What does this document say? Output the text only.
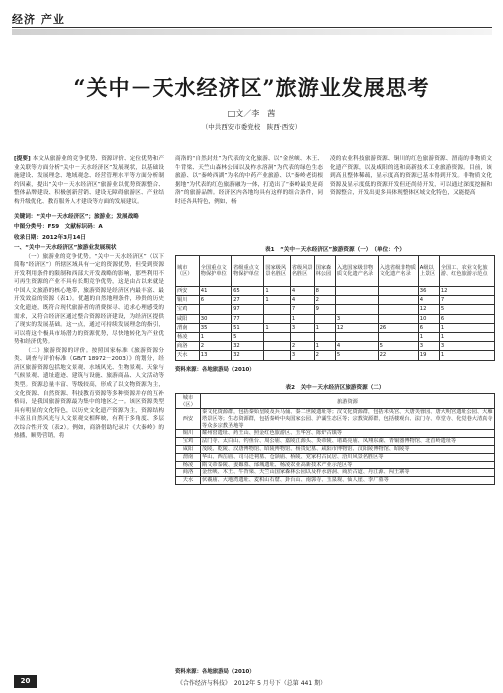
经济 产业
“关中－天水经济区”旅游业发展思考
□文／李　茜
（中共西安市委党校　陕西·西安）
[提要] 本文从旅游业的竞争优势、资源评价、定位优势和产业关联等方面分析“关中－天水经济区”发展现状，以基础设施建设、发展理念、地域观念、经营管理水平等方面分析制约因素，提出“关中－天水经济区”旅游业以优势资源整合、整体品牌建设、积极创新营销、建设无障碍旅游区、产业结构升级优化、教育服务人才建设等方面的发展建议。
关键词：“关中－天水经济区”；旅游业；发展战略
中图分类号：F59　文献标识码：A
收录日期：2012年3月14日

一、“关中－天水经济区”旅游业发展现状

（一）旅游业的竞争优势。“关中－天水经济区”（以下简称“经济区”）所辖区域具有一定的资源优势，但受到资源开发利用条件的限制和西部大开发战略的影响，那些利用不可再生资源的产业不具有长期竞争优势，这是由占以来就是中国人文旅游的核心地带，旅游资源是经济区内最丰富、最开发效益的资源（表1）。优越的自然地理条件，珍贵的历史文化遗迹，既符合现代旅游者的消费探寻、追求心理感受的需求，又符合经济区通过整合资源经济建设，为经济区提供了现实的发展基础。这一点，通过可持续发展理念的指引，可以将这个极具市场潜力的资源优势，尽快地转化为产业优势和经济优势。

（二）旅游资源的评价。按照国家标准《旅游资源分类、调查与评价标准（GB/T 18972－2003）》的划分，经济区旅游资源包括地文景观、水域风光、生物景观、天象与气候景观、遗址遗迹、建筑与设施、旅游商品、人文活动等类型。资源总量丰富、等级较高，形成了以文物资源为主，文化资源、自然资源、科技教育资源等多种资源并存的互补格局，是我国旅游资源最为集中的地区之一。该区资源类型具有明显的文化特色，以历史文化遗产资源为主，资源结构丰富且自然风光与人文景观交相辉映，有利于多角度、多层次综合性开发（表2）。例如，商洛借助纪录片《大秦岭》的热播，顺势营销，将

商洛的“自然封灶”为代表的文化旅游、以“金丝峡、木王、牛背梁、天竺山森林公园以及柞水溶洞”为代表的绿色生态旅游、以“秦岭西湖”为名的中药产业旅游、以“秦岭老街根据地”为代表的红色旅游融为一体，打造出了“秦岭最美是商洛”的旅游品牌。经济区内各地均具有这样的组合条件，同时还各具特色，例如，杨

凌的农业科技旅游资源、铜川的红色旅游资源、渭南的非物质文化遗产资源，以及咸阳的选和高新技术工业旅游资源。目前，该到高且整体稀疏，显示度高的资源已基本得到开发。非物质文化资源及显示度低的资源开发但还尚待开发，可以通过深度挖掘和资源整合，开发出更多具体现整体区域文化特色，又能提高

表1　“关中－天水经济区”旅游资源（一）　（单位：个）
城市（区）	全国重点文物保护单位	省级重点文物保护单位	国家级风景名胜区	省级风景名胜区	国家森林公园	入选国家级非物质文化遗产名录	入选省级非物质文化遗产名录	A级以上景区	全国工、农业文化旅游、红色旅游示范点
西安	41	65	1	4	8			36	12
铜川	6	27	1	4	2			4	7
宝鸡		97		7	9			12	5
咸阳	30	77		1		3		10	6
渭南	35	51	1	3	1	12	26	6	1
杨凌	1	5						1	1
商洛	2	32		2	1	4	5	3	3
天水	13	32		3	2	5	22	19	1
资料来源：各地旅游局（2010）
表2　关中－天水经济区旅游资源（二）
城市（区）	旅游资源
西安	秦文化资源群，包括秦始皇陵及兵马俑、秦二世陵遗址等；汉文化资源群，包括未央宫、大唐芙蓉园、唐大明宫遗址公园、大雁塔景区等；生态资源群，包括秦岭中央国家公园、沪灞生态区等；宗教资源群，包括楼观台、法门寺、草堂寺、化觉巷大清真寺等众多宗教圣地等
铜川	耀州窑遗址、药王山、照金红色旅游区、玉华宫、陈炉古镇等
宝鸡	法门寺、太白山、钓鱼台、周公庙、嘉陵江源头、炎帝陵、诸葛亮庙、凤翔东湖、青铜器博物馆、北首岭遗址等
咸阳	茂陵、乾陵、汉唐博物馆、昭陵博物馆、杨贵妃墓、咸阳市博物馆、汉阳陵博物馆、昭陵等
渭南	华山、西岳庙、司马迁祠墓、仓颉庙、桥陵、党家村古民居、洽川风景名胜区等
杨凌	隋文帝泰陵、姜嫄墓、邰城遗址、杨凌农业高新技术产业示范区等
商洛	金丝峡、木王、牛背梁、天竺山国家森林公园以及柞水溶洞、商於古道、丹江源、闯王寨等
天水	伏羲庙、大地湾遗址、麦积山石窟、卦台山、南郭寺、玉泉观、仙人崖、李广墓等
资料来源：各地旅游局（2010）
20	《合作经济与科技》　2012年 5 月号下（总第 441 期）
